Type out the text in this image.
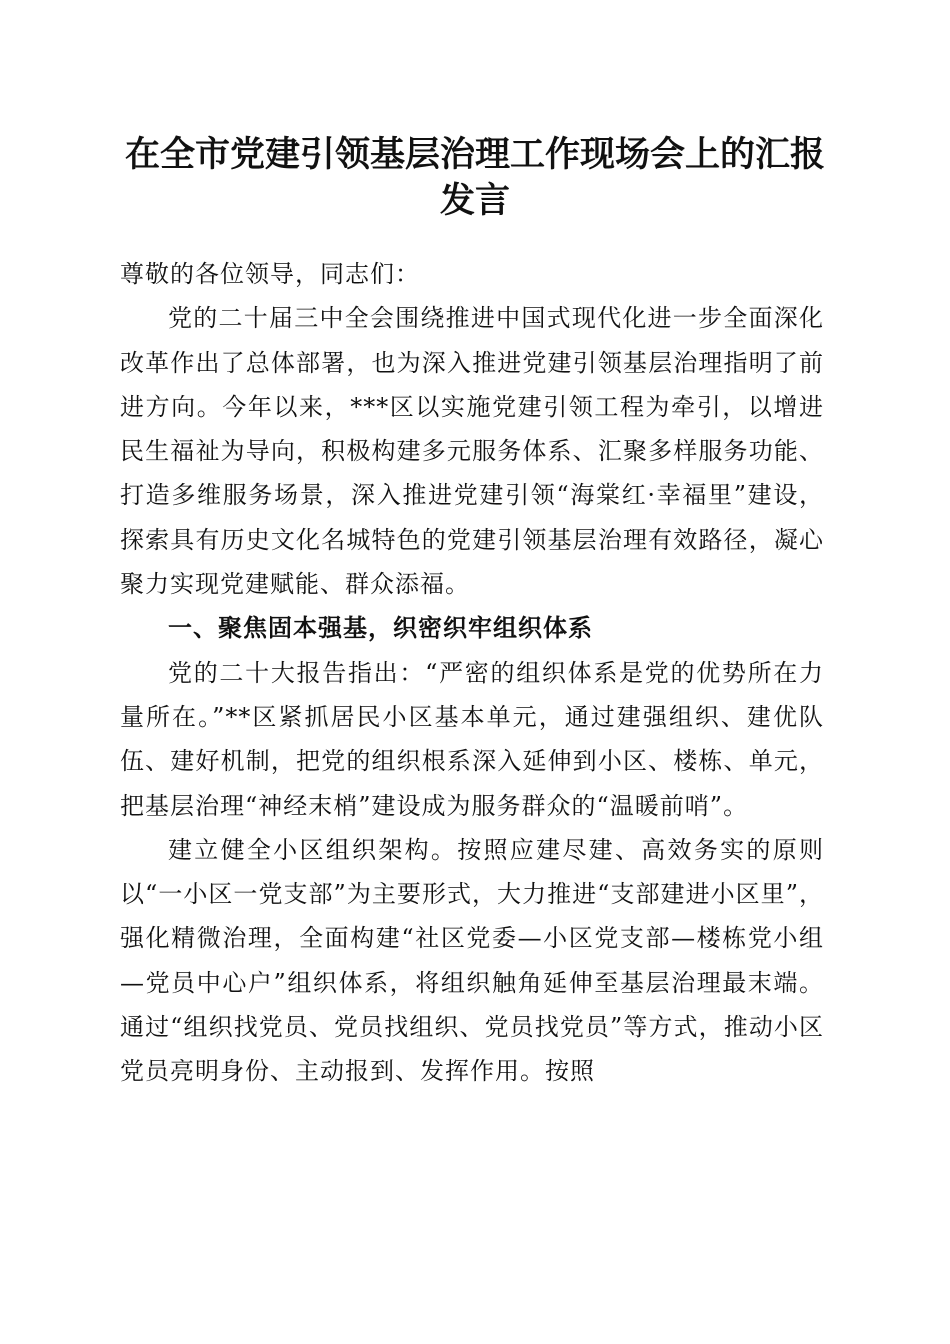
在全市党建引领基层治理工作现场会上的汇报发言

尊敬的各位领导，同志们：

党的二十届三中全会围绕推进中国式现代化进一步全面深化改革作出了总体部署，也为深入推进党建引领基层治理指明了前进方向。今年以来，***区以实施党建引领工程为牵引，以增进民生福祉为导向，积极构建多元服务体系、汇聚多样服务功能、打造多维服务场景，深入推进党建引领“海棠红·幸福里”建设，探索具有历史文化名城特色的党建引领基层治理有效路径，凝心聚力实现党建赋能、群众添福。

一、聚焦固本强基，织密织牢组织体系

党的二十大报告指出：“严密的组织体系是党的优势所在力量所在。”**区紧抓居民小区基本单元，通过建强组织、建优队伍、建好机制，把党的组织根系深入延伸到小区、楼栋、单元，把基层治理“神经末梢”建设成为服务群众的“温暖前哨”。

建立健全小区组织架构。按照应建尽建、高效务实的原则以“一小区一党支部”为主要形式，大力推进“支部建进小区里”，强化精微治理，全面构建“社区党委—小区党支部—楼栋党小组—党员中心户”组织体系，将组织触角延伸至基层治理最末端。通过“组织找党员、党员找组织、党员找党员”等方式，推动小区党员亮明身份、主动报到、发挥作用。按照
